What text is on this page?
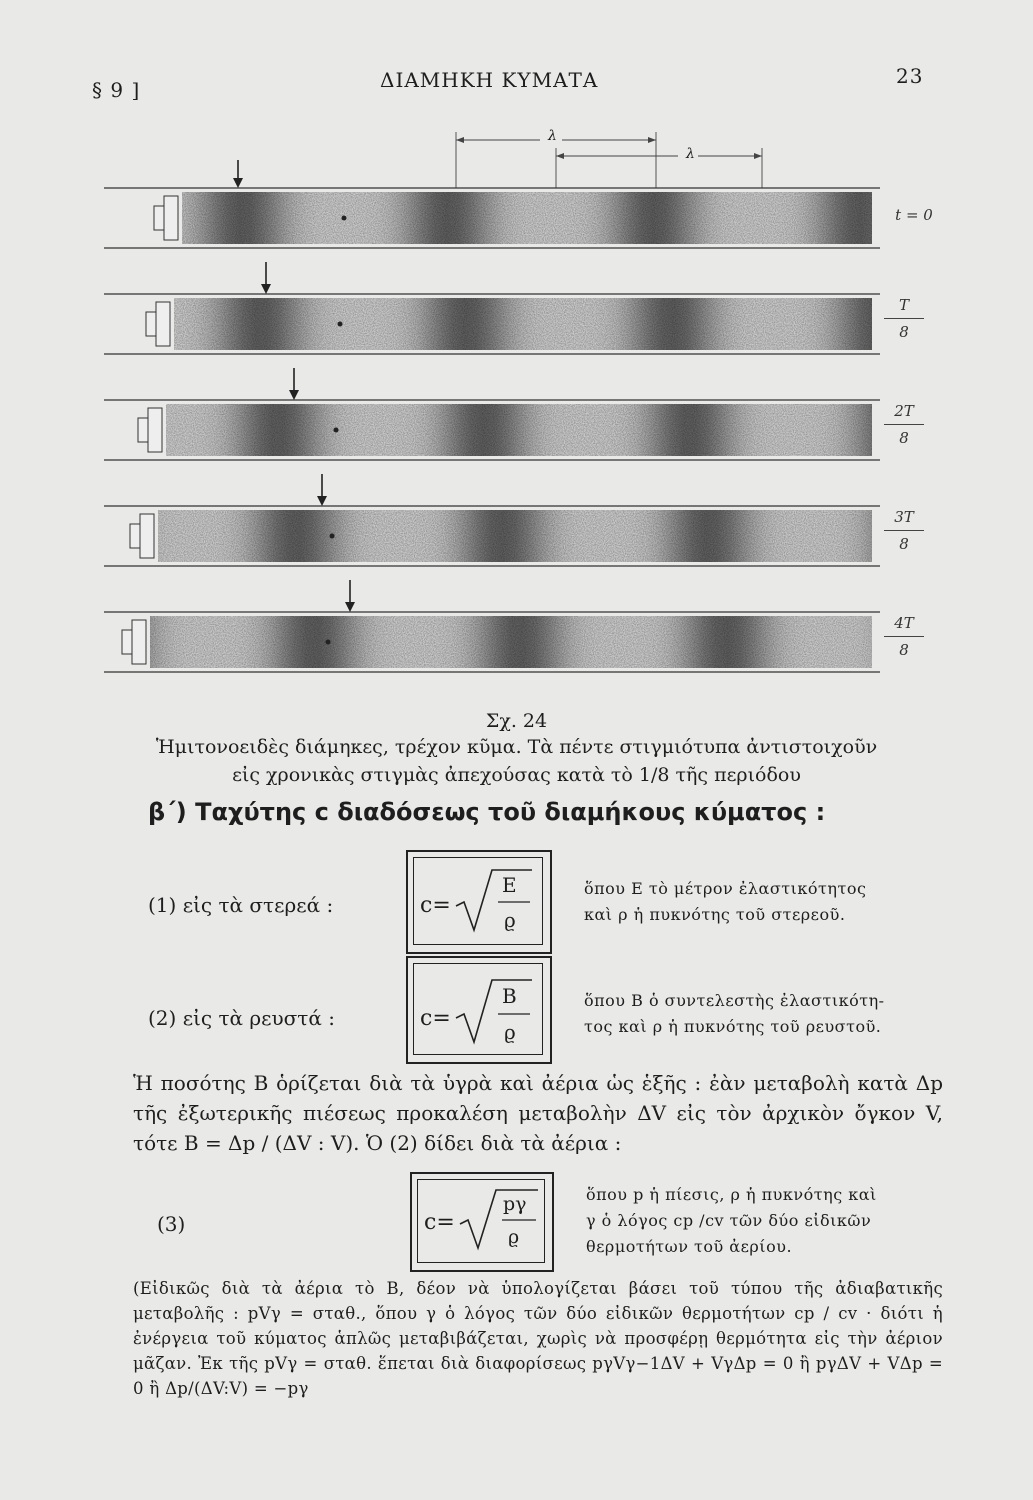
§ 9 ]	ΔΙΑΜΗΚΗ ΚΥΜΑΤΑ	23
λ
λ
t = 0
$\frac{T}{8}$
$\frac{2T}{8}$
$\frac{3T}{8}$
$\frac{4T}{8}$
Σχ. 24
Ἡμιτονοειδὲς διάμηκες, τρέχον κῦμα. Τὰ πέντε στιγμιότυπα ἀντιστοιχοῦν
εἰς χρονικὰς στιγμὰς ἀπεχούσας κατὰ τὸ 1/8 τῆς περιόδου
β΄) Ταχύτης c διαδόσεως τοῦ διαμήκους κύματος :
(1) εἰς τὰ στερεά :	c=
E
ϱ
ὅπου E τὸ μέτρον ἐλαστικότητος
καὶ ρ ἡ πυκνότης τοῦ στερεοῦ.
(2) εἰς τὰ ρευστά :	c=
B
ϱ
ὅπου B ὁ συντελεστὴς ἐλαστικότη-
τος καὶ ρ ἡ πυκνότης τοῦ ρευστοῦ.
Ἡ ποσότης B ὁρίζεται διὰ τὰ ὑγρὰ καὶ ἀέρια ὡς ἑξῆς : ἐὰν μεταβολὴ κατὰ Δp τῆς ἐξωτερικῆς πιέσεως προκαλέση μεταβολὴν ΔV εἰς τὸν ἀρχικὸν ὄγκον V, τότε B = Δp / (ΔV : V). Ὁ (2) δίδει διὰ τὰ ἀέρια :
(3)	c=
pγ
ϱ
ὅπου p ἡ πίεσις, ρ ἡ πυκνότης καὶ
γ ὁ λόγος cp /cv τῶν δύο εἰδικῶν
θερμοτήτων τοῦ ἀερίου.
(Εἰδικῶς διὰ τὰ ἀέρια τὸ B, δέον νὰ ὑπολογίζεται βάσει τοῦ τύπου τῆς ἀδιαβατικῆς μεταβολῆς : pVγ = σταθ., ὅπου γ ὁ λόγος τῶν δύο εἰδικῶν θερμοτήτων cp / cv · διότι ἡ ἐνέργεια τοῦ κύματος ἁπλῶς μεταβιβάζεται, χωρὶς νὰ προσφέρῃ θερμότητα εἰς τὴν ἀέριον μᾶζαν. Ἐκ τῆς pVγ = σταθ. ἕπεται διὰ διαφορίσεως pγVγ−1ΔV + VγΔp = 0 ἢ pγΔV + VΔp = 0 ἢ Δp/(ΔV:V) = −pγ
